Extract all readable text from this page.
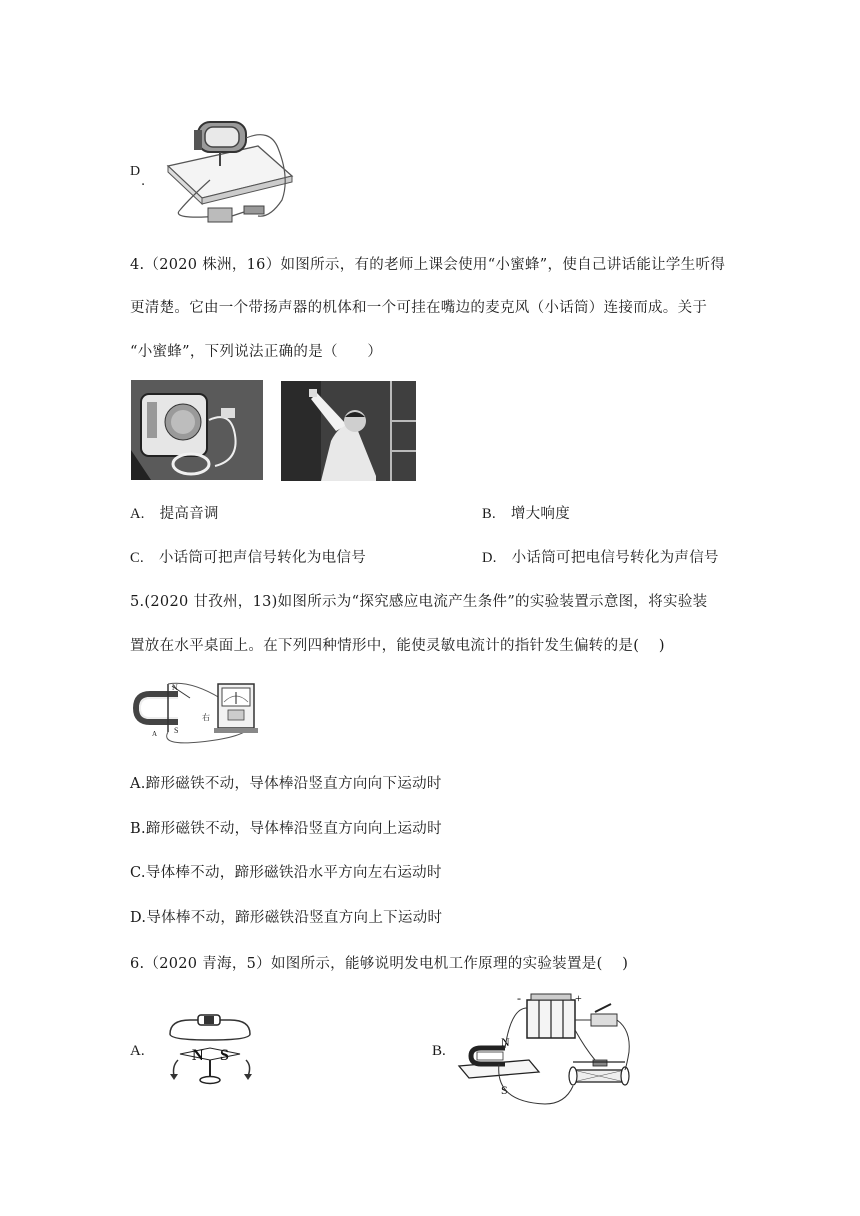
D
.
4.（2020 株洲，16）如图所示，有的老师上课会使用“小蜜蜂”，使自己讲话能让学生听得
更清楚。它由一个带扬声器的机体和一个可挂在嘴边的麦克风（小话筒）连接而成。关于
“小蜜蜂”，下列说法正确的是（　　）
A. 提高音调	B. 增大响度
C. 小话筒可把声信号转化为电信号	D. 小话筒可把电信号转化为声信号
5.(2020 甘孜州，13)如图所示为“探究感应电流产生条件”的实验装置示意图，将实验装
置放在水平桌面上。在下列四种情形中，能使灵敏电流计的指针发生偏转的是(　 )
N
S
A
右
A.蹄形磁铁不动，导体棒沿竖直方向向下运动时
B.蹄形磁铁不动，导体棒沿竖直方向向上运动时
C.导体棒不动，蹄形磁铁沿水平方向左右运动时
D.导体棒不动，蹄形磁铁沿竖直方向上下运动时
6.（2020 青海，5）如图所示，能够说明发电机工作原理的实验装置是(　 )
A.	N S	B.
-	+
N
S
